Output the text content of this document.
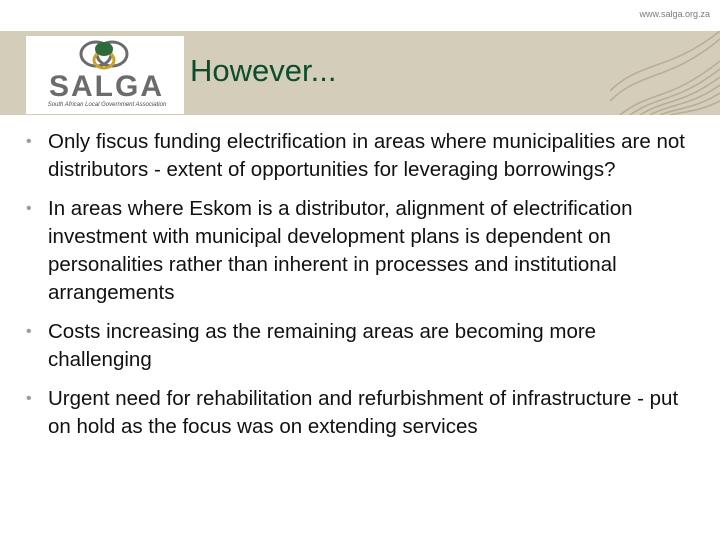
www.salga.org.za
SALGA
South African Local Government Association
However...
• Only fiscus funding electrification in areas where municipalities are not distributors - extent of opportunities for leveraging borrowings?
• In areas where Eskom is a distributor, alignment of electrification investment with municipal development plans is dependent on personalities rather than inherent in processes and institutional arrangements
• Costs increasing as the remaining areas are becoming more challenging
• Urgent need for rehabilitation and refurbishment of infrastructure - put on hold as the focus was on extending services
